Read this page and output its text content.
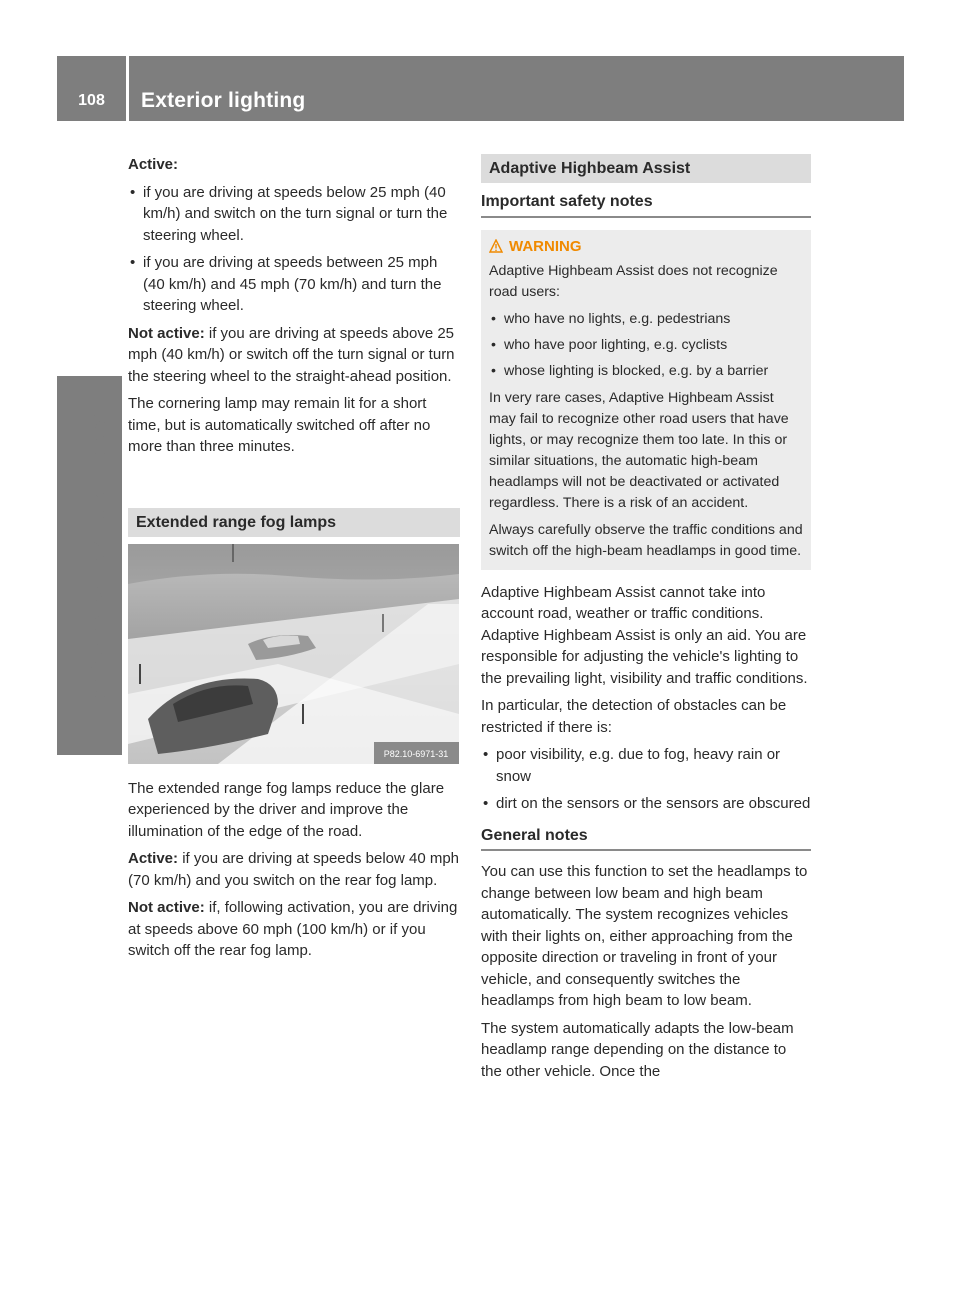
108	Exterior lighting
Lights and windshield wipers

Active:

• if you are driving at speeds below 25 mph (40 km/h) and switch on the turn signal or turn the steering wheel.
• if you are driving at speeds between 25 mph (40 km/h) and 45 mph (70 km/h) and turn the steering wheel.

Not active: if you are driving at speeds above 25 mph (40 km/h) or switch off the turn signal or turn the steering wheel to the straight-ahead position.

The cornering lamp may remain lit for a short time, but is automatically switched off after no more than three minutes.

Extended range fog lamps
P82.10-6971-31

The extended range fog lamps reduce the glare experienced by the driver and improve the illumination of the edge of the road.

Active: if you are driving at speeds below 40 mph (70 km/h) and you switch on the rear fog lamp.

Not active: if, following activation, you are driving at speeds above 60 mph (100 km/h) or if you switch off the rear fog lamp.

Adaptive Highbeam Assist
Important safety notes
WARNING

Adaptive Highbeam Assist does not recognize road users:

• who have no lights, e.g. pedestrians
• who have poor lighting, e.g. cyclists
• whose lighting is blocked, e.g. by a barrier

In very rare cases, Adaptive Highbeam Assist may fail to recognize other road users that have lights, or may recognize them too late. In this or similar situations, the automatic high-beam headlamps will not be deactivated or activated regardless. There is a risk of an accident.

Always carefully observe the traffic conditions and switch off the high-beam headlamps in good time.

Adaptive Highbeam Assist cannot take into account road, weather or traffic conditions. Adaptive Highbeam Assist is only an aid. You are responsible for adjusting the vehicle's lighting to the prevailing light, visibility and traffic conditions.

In particular, the detection of obstacles can be restricted if there is:

• poor visibility, e.g. due to fog, heavy rain or snow
• dirt on the sensors or the sensors are obscured
General notes

You can use this function to set the headlamps to change between low beam and high beam automatically. The system recognizes vehicles with their lights on, either approaching from the opposite direction or traveling in front of your vehicle, and consequently switches the headlamps from high beam to low beam.

The system automatically adapts the low-beam headlamp range depending on the distance to the other vehicle. Once the
